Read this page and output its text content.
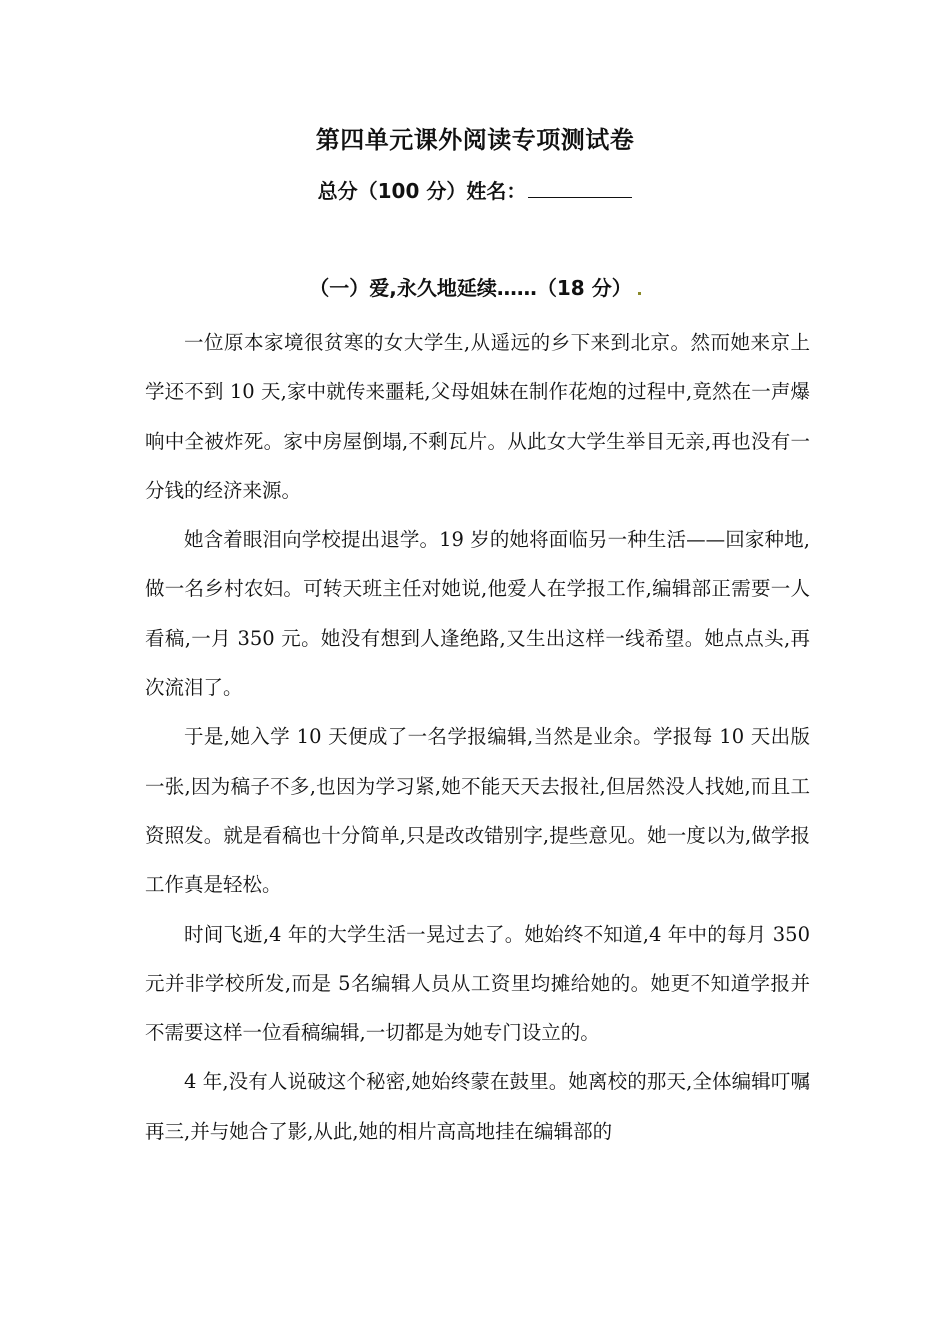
第四单元课外阅读专项测试卷
总分（100 分）姓名：
（一）爱,永久地延续……（18 分）

一位原本家境很贫寒的女大学生,从遥远的乡下来到北京。然而她来京上学还不到 10 天,家中就传来噩耗,父母姐妹在制作花炮的过程中,竟然在一声爆响中全被炸死。家中房屋倒塌,不剩瓦片。从此女大学生举目无亲,再也没有一分钱的经济来源。

她含着眼泪向学校提出退学。19 岁的她将面临另一种生活——回家种地,做一名乡村农妇。可转天班主任对她说,他爱人在学报工作,编辑部正需要一人看稿,一月 350 元。她没有想到人逢绝路,又生出这样一线希望。她点点头,再次流泪了。

于是,她入学 10 天便成了一名学报编辑,当然是业余。学报每 10 天出版一张,因为稿子不多,也因为学习紧,她不能天天去报社,但居然没人找她,而且工资照发。就是看稿也十分简单,只是改改错别字,提些意见。她一度以为,做学报工作真是轻松。

时间飞逝,4 年的大学生活一晃过去了。她始终不知道,4 年中的每月 350 元并非学校所发,而是 5名编辑人员从工资里均摊给她的。她更不知道学报并不需要这样一位看稿编辑,一切都是为她专门设立的。

4 年,没有人说破这个秘密,她始终蒙在鼓里。她离校的那天,全体编辑叮嘱再三,并与她合了影,从此,她的相片高高地挂在编辑部的
